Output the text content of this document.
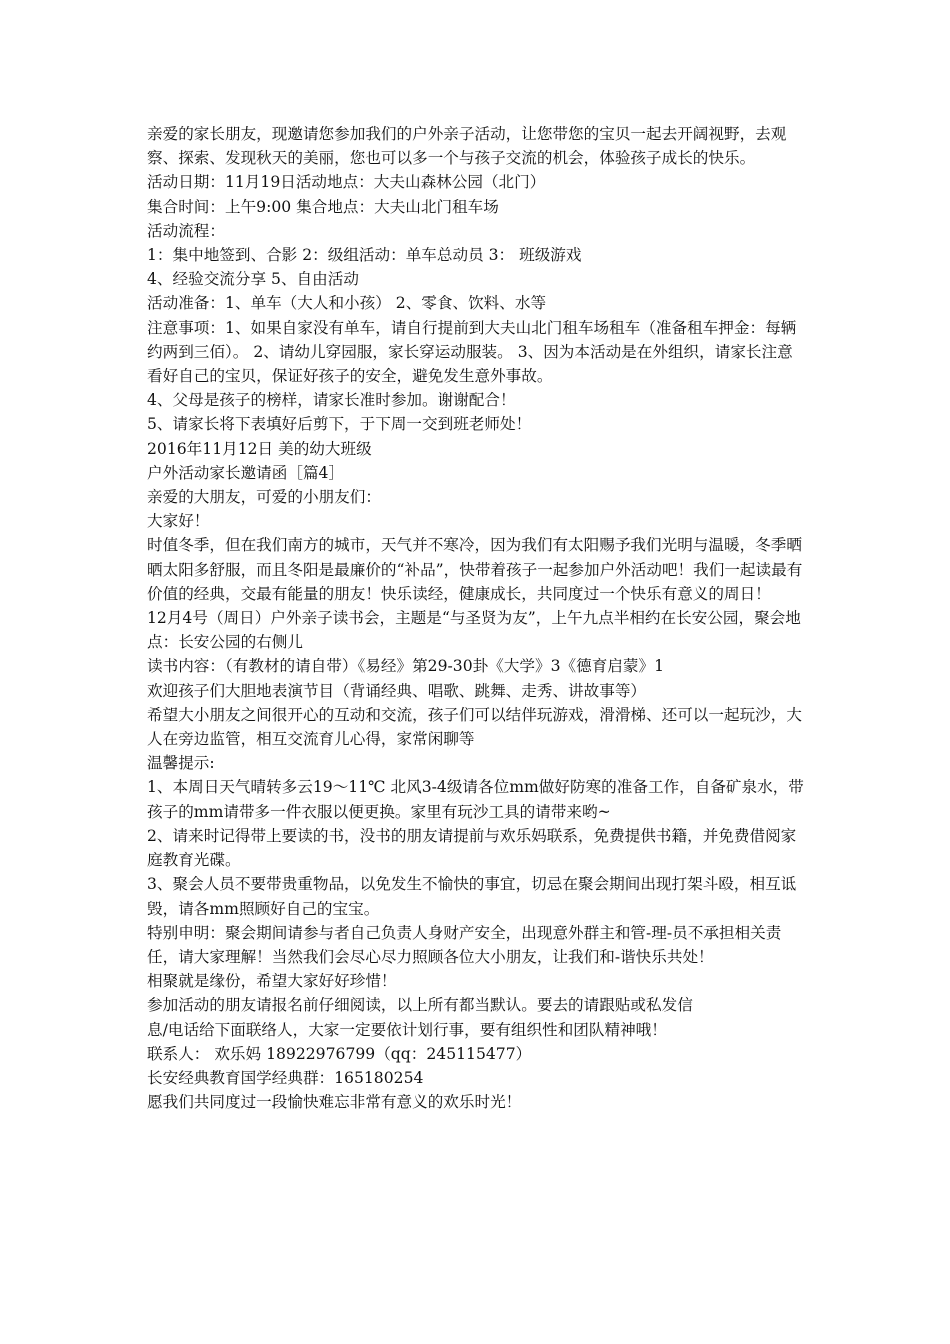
亲爱的家长朋友，现邀请您参加我们的户外亲子活动，让您带您的宝贝一起去开阔视野，去观察、探索、发现秋天的美丽，您也可以多一个与孩子交流的机会，体验孩子成长的快乐。

活动日期：11月19日活动地点：大夫山森林公园（北门）

集合时间：上午9:00 集合地点：大夫山北门租车场

活动流程：

1：集中地签到、合影 2：级组活动：单车总动员 3： 班级游戏

4、经验交流分享 5、自由活动

活动准备：1、单车（大人和小孩） 2、零食、饮料、水等

注意事项：1、如果自家没有单车，请自行提前到大夫山北门租车场租车（准备租车押金：每辆约两到三佰）。 2、请幼儿穿园服，家长穿运动服装。 3、因为本活动是在外组织，请家长注意看好自己的宝贝，保证好孩子的安全，避免发生意外事故。

4、父母是孩子的榜样，请家长准时参加。谢谢配合！

5、请家长将下表填好后剪下，于下周一交到班老师处！

2016年11月12日 美的幼大班级

户外活动家长邀请函［篇4］

亲爱的大朋友，可爱的小朋友们：

大家好！

时值冬季，但在我们南方的城市，天气并不寒冷，因为我们有太阳赐予我们光明与温暖，冬季晒晒太阳多舒服，而且冬阳是最廉价的“补品”，快带着孩子一起参加户外活动吧！我们一起读最有价值的经典，交最有能量的朋友！快乐读经，健康成长，共同度过一个快乐有意义的周日！

12月4号（周日）户外亲子读书会，主题是“与圣贤为友”，上午九点半相约在长安公园，聚会地点：长安公园的右侧儿

读书内容：（有教材的请自带）《易经》第29-30卦《大学》3《德育启蒙》1

欢迎孩子们大胆地表演节目（背诵经典、唱歌、跳舞、走秀、讲故事等）

希望大小朋友之间很开心的互动和交流，孩子们可以结伴玩游戏，滑滑梯、还可以一起玩沙，大人在旁边监管，相互交流育儿心得，家常闲聊等

温馨提示:

1、本周日天气晴转多云19～11℃ 北风3-4级请各位mm做好防寒的准备工作，自备矿泉水，带孩子的mm请带多一件衣服以便更换。家里有玩沙工具的请带来哟~

2、请来时记得带上要读的书，没书的朋友请提前与欢乐妈联系，免费提供书籍，并免费借阅家庭教育光碟。

3、聚会人员不要带贵重物品，以免发生不愉快的事宜，切忌在聚会期间出现打架斗殴，相互诋毁，请各mm照顾好自己的宝宝。

特别申明：聚会期间请参与者自己负责人身财产安全，出现意外群主和管-理-员不承担相关责任，请大家理解！当然我们会尽心尽力照顾各位大小朋友，让我们和-谐快乐共处！

相聚就是缘份，希望大家好好珍惜！

参加活动的朋友请报名前仔细阅读，以上所有都当默认。要去的请跟贴或私发信
息/电话给下面联络人，大家一定要依计划行事，要有组织性和团队精神哦！

联系人： 欢乐妈 18922976799（qq：245115477）

长安经典教育国学经典群：165180254

愿我们共同度过一段愉快难忘非常有意义的欢乐时光！
